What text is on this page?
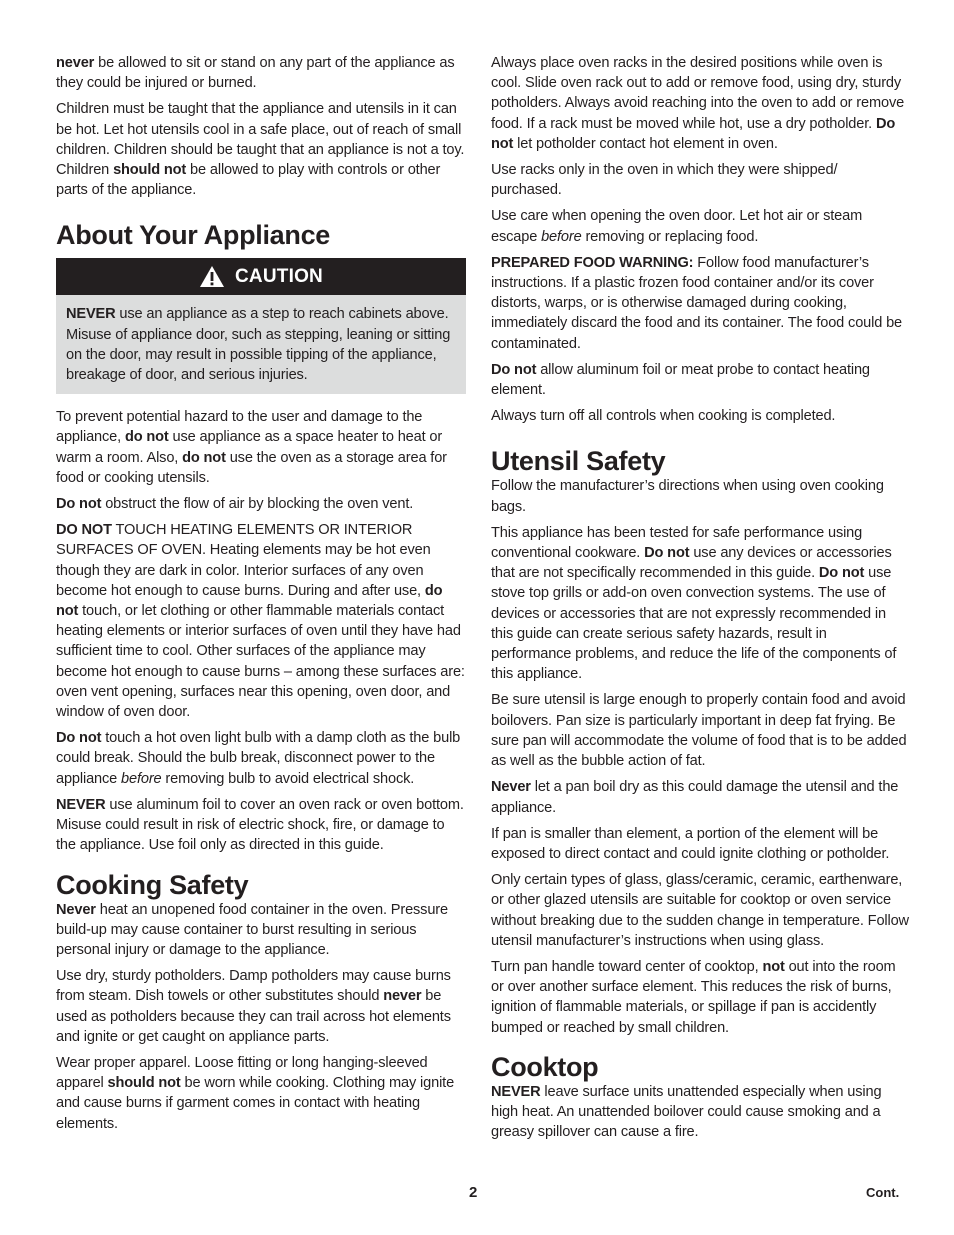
never be allowed to sit or stand on any part of the appliance as they could be injured or burned.

Children must be taught that the appliance and utensils in it can be hot. Let hot utensils cool in a safe place, out of reach of small children. Children should be taught that an appliance is not a toy. Children should not be allowed to play with controls or other parts of the appliance.

About Your Appliance
CAUTION

NEVER use an appliance as a step to reach cabinets above. Misuse of appliance door, such as stepping, leaning or sitting on the door, may result in possible tipping of the appliance, breakage of door, and serious injuries.

To prevent potential hazard to the user and damage to the appliance, do not use appliance as a space heater to heat or warm a room. Also, do not use the oven as a storage area for food or cooking utensils.

Do not obstruct the flow of air by blocking the oven vent.

DO NOT TOUCH HEATING ELEMENTS OR INTERIOR SURFACES OF OVEN. Heating elements may be hot even though they are dark in color. Interior surfaces of any oven become hot enough to cause burns. During and after use, do not touch, or let clothing or other flammable materials contact heating elements or interior surfaces of oven until they have had sufficient time to cool. Other surfaces of the appliance may become hot enough to cause burns – among these surfaces are: oven vent opening, surfaces near this opening, oven door, and window of oven door.

Do not touch a hot oven light bulb with a damp cloth as the bulb could break. Should the bulb break, disconnect power to the appliance before removing bulb to avoid electrical shock.

NEVER use aluminum foil to cover an oven rack or oven bottom. Misuse could result in risk of electric shock, fire, or damage to the appliance. Use foil only as directed in this guide.

Cooking Safety

Never heat an unopened food container in the oven. Pressure build-up may cause container to burst resulting in serious personal injury or damage to the appliance.

Use dry, sturdy potholders. Damp potholders may cause burns from steam. Dish towels or other substitutes should never be used as potholders because they can trail across hot elements and ignite or get caught on appliance parts.

Wear proper apparel. Loose fitting or long hanging-sleeved apparel should not be worn while cooking. Clothing may ignite and cause burns if garment comes in contact with heating elements.

Always place oven racks in the desired positions while oven is cool. Slide oven rack out to add or remove food, using dry, sturdy potholders. Always avoid reaching into the oven to add or remove food. If a rack must be moved while hot, use a dry potholder. Do not let potholder contact hot element in oven.

Use racks only in the oven in which they were shipped/ purchased.

Use care when opening the oven door. Let hot air or steam escape before removing or replacing food.

PREPARED FOOD WARNING: Follow food manufacturer’s instructions. If a plastic frozen food container and/or its cover distorts, warps, or is otherwise damaged during cooking, immediately discard the food and its container. The food could be contaminated.

Do not allow aluminum foil or meat probe to contact heating element.

Always turn off all controls when cooking is completed.

Utensil Safety

Follow the manufacturer’s directions when using oven cooking bags.

This appliance has been tested for safe performance using conventional cookware. Do not use any devices or accessories that are not specifically recommended in this guide. Do not use stove top grills or add-on oven convection systems. The use of devices or accessories that are not expressly recommended in this guide can create serious safety hazards, result in performance problems, and reduce the life of the components of this appliance.

Be sure utensil is large enough to properly contain food and avoid boilovers. Pan size is particularly important in deep fat frying. Be sure pan will accommodate the volume of food that is to be added as well as the bubble action of fat.

Never let a pan boil dry as this could damage the utensil and the appliance.

If pan is smaller than element, a portion of the element will be exposed to direct contact and could ignite clothing or potholder.

Only certain types of glass, glass/ceramic, ceramic, earthenware, or other glazed utensils are suitable for cooktop or oven service without breaking due to the sudden change in temperature. Follow utensil manufacturer’s instructions when using glass.

Turn pan handle toward center of cooktop, not out into the room or over another surface element. This reduces the risk of burns, ignition of flammable materials, or spillage if pan is accidently bumped or reached by small children.

Cooktop

NEVER leave surface units unattended especially when using high heat. An unattended boilover could cause smoking and a greasy spillover can cause a fire.

2	Cont.
